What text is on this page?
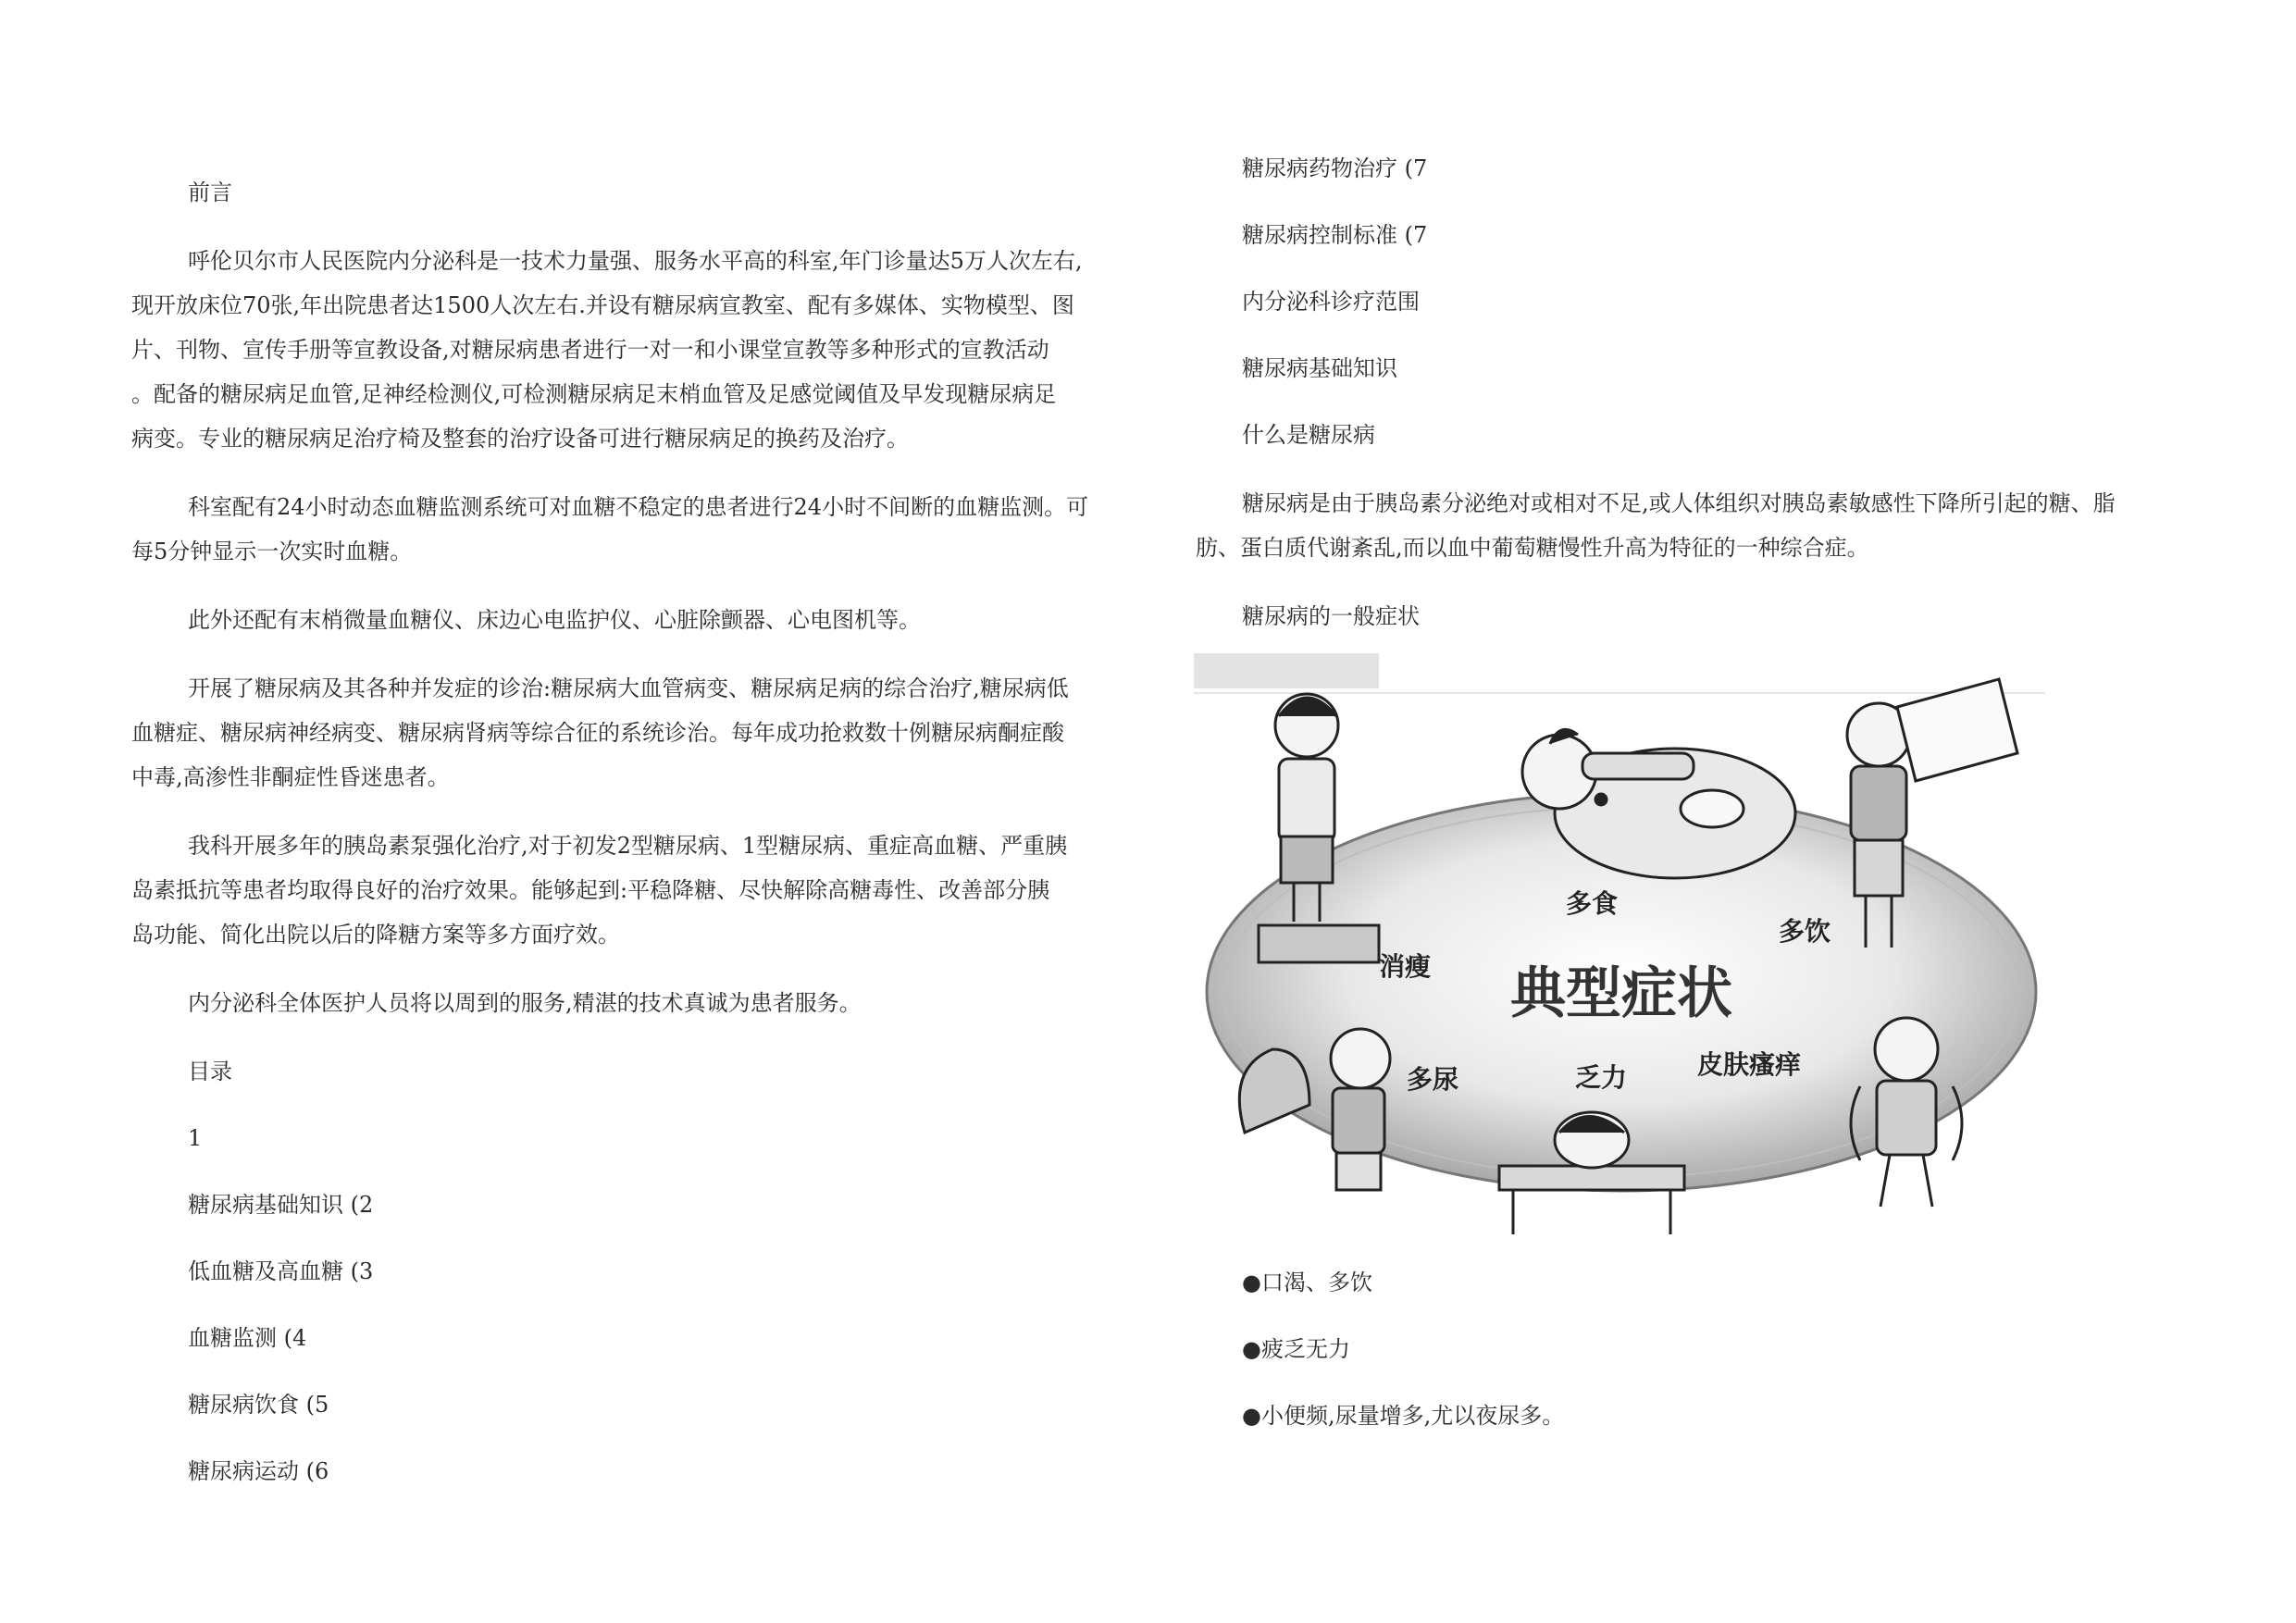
前言

呼伦贝尔市人民医院内分泌科是一技术力量强、服务水平高的科室,年门诊量达5万人次左右,

现开放床位70张,年出院患者达1500人次左右.并设有糖尿病宣教室、配有多媒体、实物模型、图

片、刊物、宣传手册等宣教设备,对糖尿病患者进行一对一和小课堂宣教等多种形式的宣教活动

。配备的糖尿病足血管,足神经检测仪,可检测糖尿病足末梢血管及足感觉阈值及早发现糖尿病足

病变。专业的糖尿病足治疗椅及整套的治疗设备可进行糖尿病足的换药及治疗。

科室配有24小时动态血糖监测系统可对血糖不稳定的患者进行24小时不间断的血糖监测。可

每5分钟显示一次实时血糖。

此外还配有末梢微量血糖仪、床边心电监护仪、心脏除颤器、心电图机等。

开展了糖尿病及其各种并发症的诊治:糖尿病大血管病变、糖尿病足病的综合治疗,糖尿病低

血糖症、糖尿病神经病变、糖尿病肾病等综合征的系统诊治。每年成功抢救数十例糖尿病酮症酸

中毒,高渗性非酮症性昏迷患者。

我科开展多年的胰岛素泵强化治疗,对于初发2型糖尿病、1型糖尿病、重症高血糖、严重胰

岛素抵抗等患者均取得良好的治疗效果。能够起到:平稳降糖、尽快解除高糖毒性、改善部分胰

岛功能、简化出院以后的降糖方案等多方面疗效。

内分泌科全体医护人员将以周到的服务,精湛的技术真诚为患者服务。

目录

1

糖尿病基础知识 (2

低血糖及高血糖 (3

血糖监测 (4

糖尿病饮食 (5

糖尿病运动 (6

糖尿病药物治疗 (7

糖尿病控制标准 (7

内分泌科诊疗范围

糖尿病基础知识

什么是糖尿病

糖尿病是由于胰岛素分泌绝对或相对不足,或人体组织对胰岛素敏感性下降所引起的糖、脂

肪、蛋白质代谢紊乱,而以血中葡萄糖慢性升高为特征的一种综合症。

糖尿病的一般症状

典型症状
多食
多饮
消瘦
多尿	乏力	皮肤瘙痒

●口渴、多饮

●疲乏无力

●小便频,尿量增多,尤以夜尿多。
